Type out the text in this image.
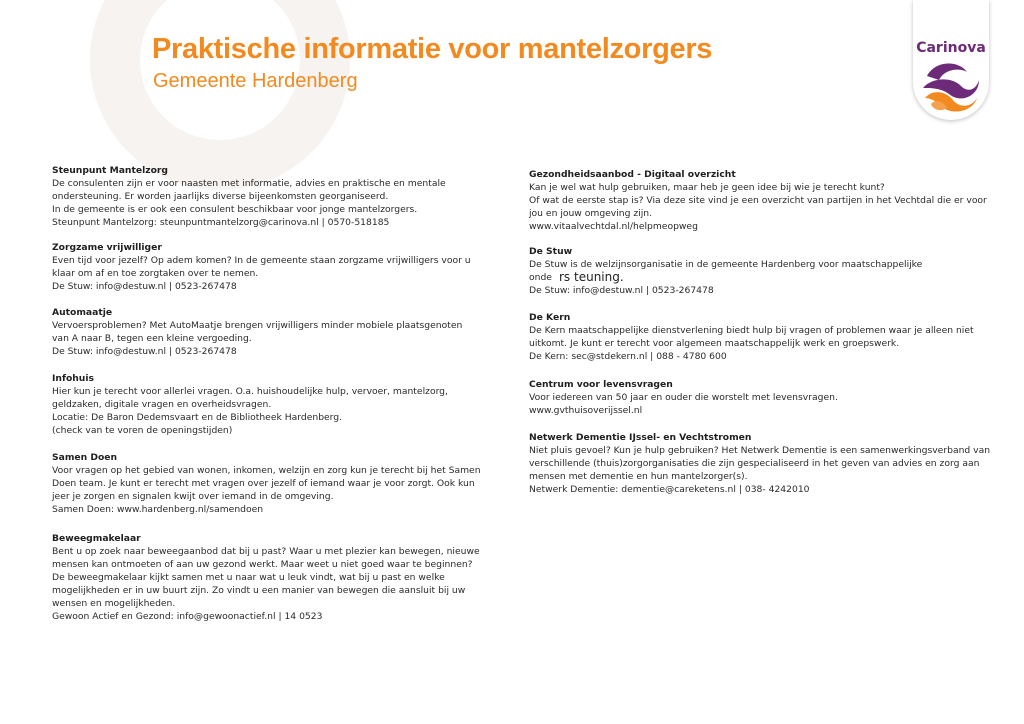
Praktische informatie voor mantelzorgers
Gemeente Hardenberg
Carinova
Steunpunt Mantelzorg
De consulenten zijn er voor naasten met informatie, advies en praktische en mentale
ondersteuning. Er worden jaarlijks diverse bijeenkomsten georganiseerd.
In de gemeente is er ook een consulent beschikbaar voor jonge mantelzorgers.
Steunpunt Mantelzorg: steunpuntmantelzorg@carinova.nl | 0570-518185
Zorgzame vrijwilliger
Even tijd voor jezelf? Op adem komen? In de gemeente staan zorgzame vrijwilligers voor u
klaar om af en toe zorgtaken over te nemen.
De Stuw: info@destuw.nl | 0523-267478
Automaatje
Vervoersproblemen? Met AutoMaatje brengen vrijwilligers minder mobiele plaatsgenoten
van A naar B, tegen een kleine vergoeding.
De Stuw: info@destuw.nl | 0523-267478
Infohuis
Hier kun je terecht voor allerlei vragen. O.a. huishoudelijke hulp, vervoer, mantelzorg,
geldzaken, digitale vragen en overheidsvragen.
Locatie: De Baron Dedemsvaart en de Bibliotheek Hardenberg.
(check van te voren de openingstijden)
Samen Doen
Voor vragen op het gebied van wonen, inkomen, welzijn en zorg kun je terecht bij het Samen
Doen team. Je kunt er terecht met vragen over jezelf of iemand waar je voor zorgt. Ook kun
jeer je zorgen en signalen kwijt over iemand in de omgeving.
Samen Doen: www.hardenberg.nl/samendoen
Beweegmakelaar
Bent u op zoek naar beweegaanbod dat bij u past? Waar u met plezier kan bewegen, nieuwe
mensen kan ontmoeten of aan uw gezond werkt. Maar weet u niet goed waar te beginnen?
De beweegmakelaar kijkt samen met u naar wat u leuk vindt, wat bij u past en welke
mogelijkheden er in uw buurt zijn. Zo vindt u een manier van bewegen die aansluit bij uw
wensen en mogelijkheden.
Gewoon Actief en Gezond: info@gewoonactief.nl | 14 0523
Gezondheidsaanbod - Digitaal overzicht
Kan je wel wat hulp gebruiken, maar heb je geen idee bij wie je terecht kunt?
Of wat de eerste stap is? Via deze site vind je een overzicht van partijen in het Vechtdal die er voor
jou en jouw omgeving zijn.
www.vitaalvechtdal.nl/helpmeopweg
De Stuw
De Stuw is de welzijnsorganisatie in de gemeente Hardenberg voor maatschappelijke
onde
De Stuw: info@destuw.nl | 0523-267478
rs teuning.
De Kern
De Kern maatschappelijke dienstverlening biedt hulp bij vragen of problemen waar je alleen niet
uitkomt. Je kunt er terecht voor algemeen maatschappelijk werk en groepswerk.
De Kern: sec@stdekern.nl | 088 - 4780 600
Centrum voor levensvragen
Voor iedereen van 50 jaar en ouder die worstelt met levensvragen.
www.gvthuisoverijssel.nl
Netwerk Dementie IJssel- en Vechtstromen
Niet pluis gevoel? Kun je hulp gebruiken? Het Netwerk Dementie is een samenwerkingsverband van
verschillende (thuis)zorgorganisaties die zijn gespecialiseerd in het geven van advies en zorg aan
mensen met dementie en hun mantelzorger(s).
Netwerk Dementie: dementie@careketens.nl | 038- 4242010
